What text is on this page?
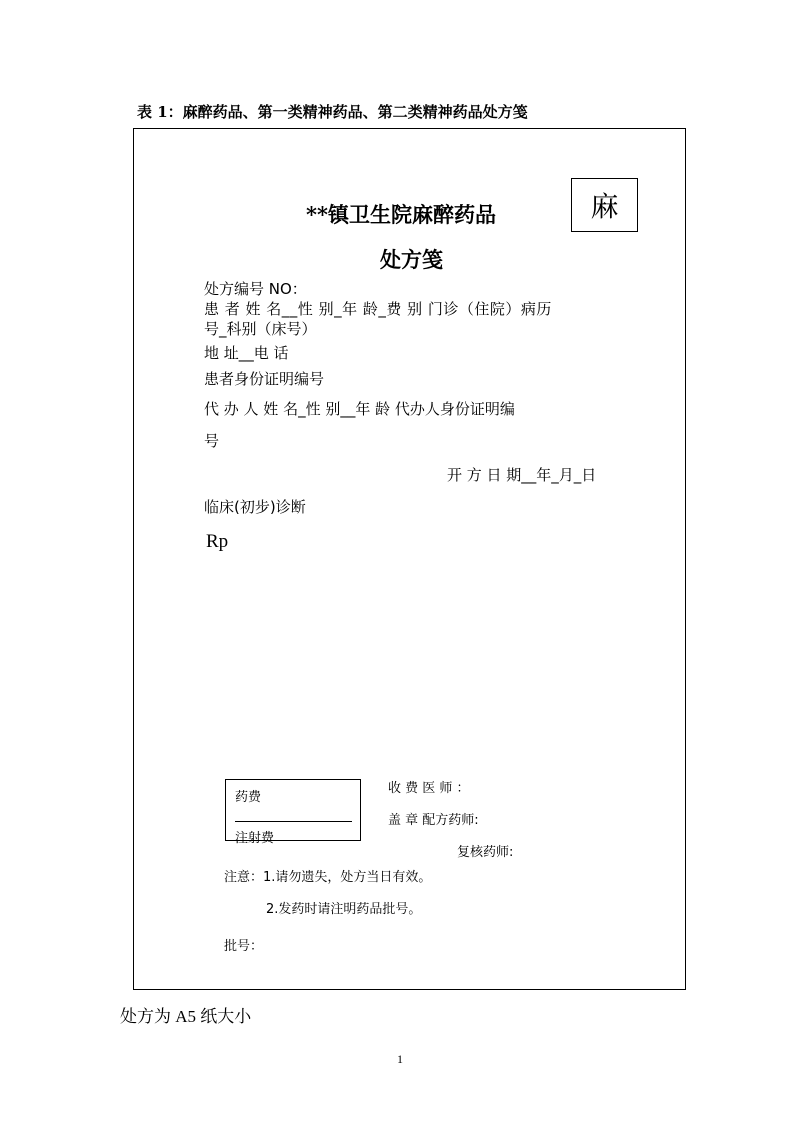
表 1：麻醉药品、第一类精神药品、第二类精神药品处方笺
**镇卫生院麻醉药品
处方笺
麻
处方编号 NO：
患 者 姓 名__性 别_年 龄_费 别 门诊（住院）病历
号_科别（床号）
地 址__电 话
患者身份证明编号
代 办 人 姓 名_性 别__年 龄 代办人身份证明编
号
开 方 日 期__年_月_日
临床(初步)诊断
Rp
药费
注射费
收 费 医 师 ：
盖 章 配方药师:
复核药师:
注意：1.请勿遗失，处方当日有效。
2.发药时请注明药品批号。
批号：
处方为 A5 纸大小
1
